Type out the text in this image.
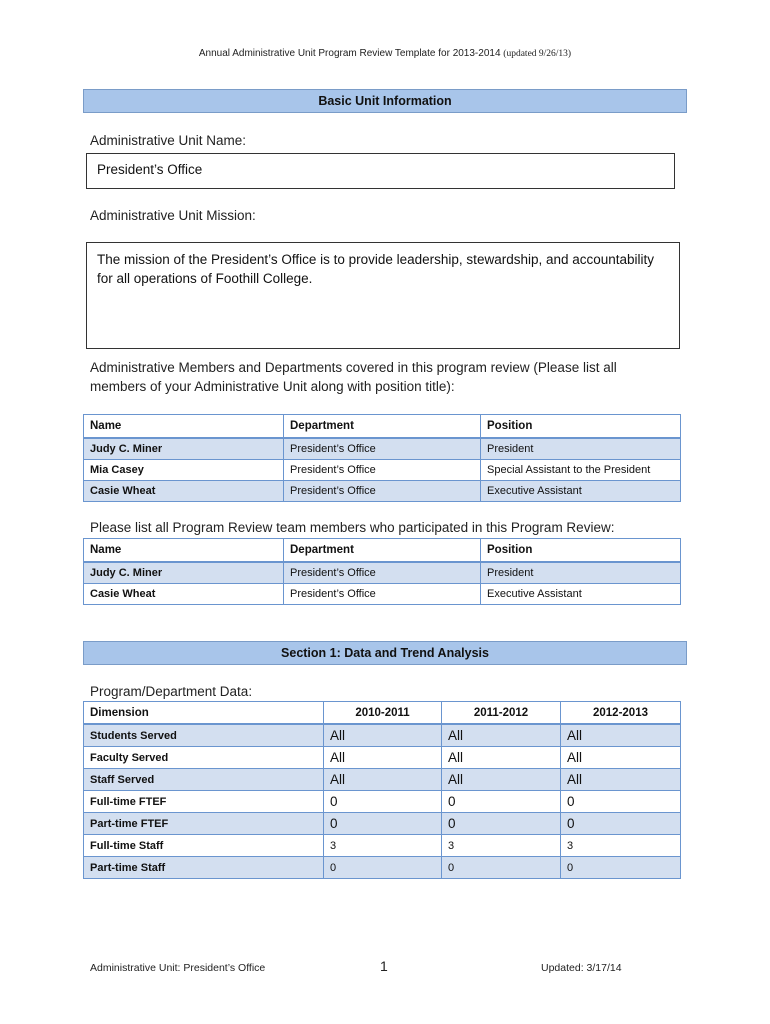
Annual Administrative Unit Program Review Template for 2013-2014 (updated 9/26/13)
Basic Unit Information
Administrative Unit Name:
President’s Office
Administrative Unit Mission:
The mission of the President’s Office is to provide leadership, stewardship, and accountability for all operations of Foothill College.
Administrative Members and Departments covered in this program review (Please list all members of your Administrative Unit along with position title):
Name	Department	Position
Judy C. Miner	President’s Office	President
Mia Casey	President’s Office	Special Assistant to the President
Casie Wheat	President’s Office	Executive Assistant
Please list all Program Review team members who participated in this Program Review:
Name	Department	Position
Judy C. Miner	President’s Office	President
Casie Wheat	President’s Office	Executive Assistant
Section 1: Data and Trend Analysis
Program/Department Data:
Dimension	2010-2011	2011-2012	2012-2013
Students Served	All	All	All
Faculty Served	All	All	All
Staff Served	All	All	All
Full-time FTEF	0	0	0
Part-time FTEF	0	0	0
Full-time Staff	3	3	3
Part-time Staff	0	0	0
Administrative Unit: President’s Office	1	Updated: 3/17/14
